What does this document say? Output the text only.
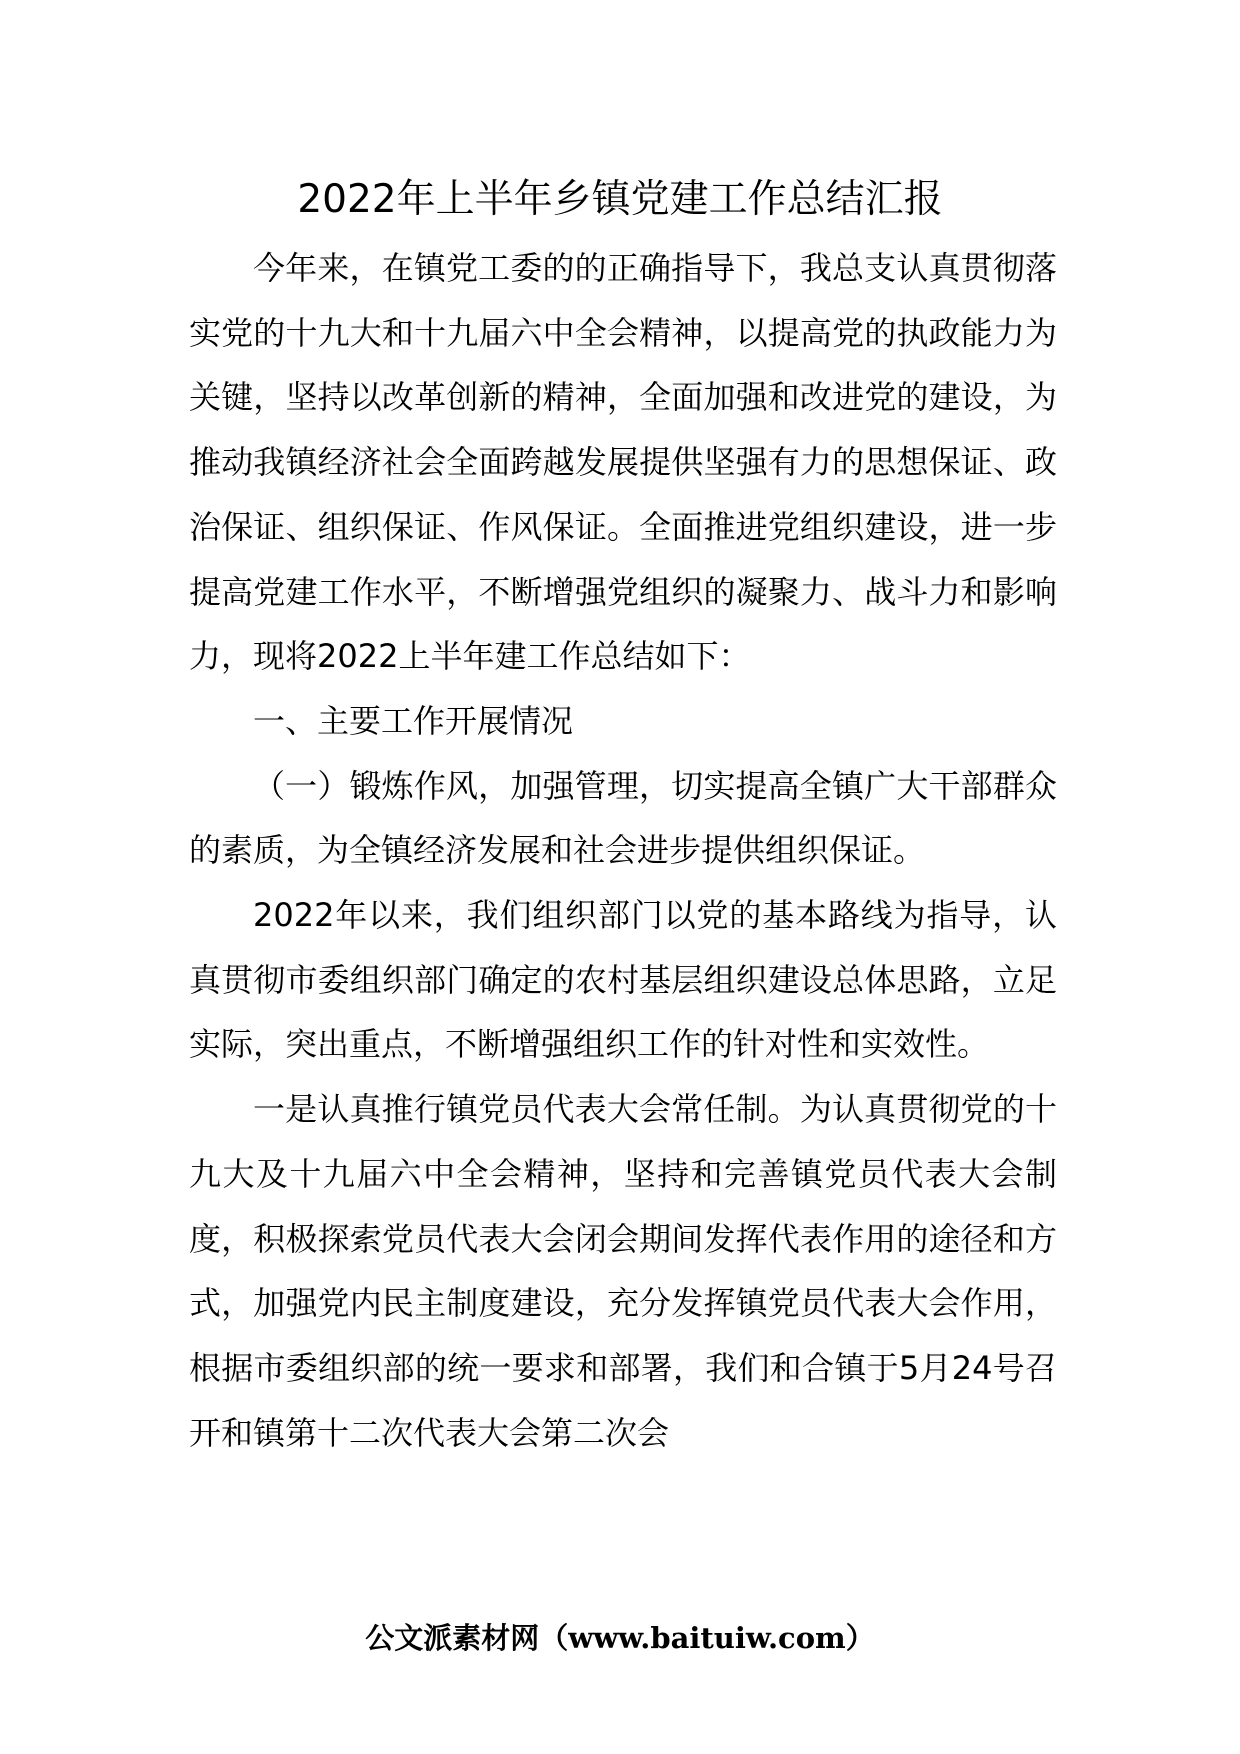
2022年上半年乡镇党建工作总结汇报

今年来，在镇党工委的的正确指导下，我总支认真贯彻落实党的十九大和十九届六中全会精神，以提高党的执政能力为关键，坚持以改革创新的精神，全面加强和改进党的建设，为推动我镇经济社会全面跨越发展提供坚强有力的思想保证、政治保证、组织保证、作风保证。全面推进党组织建设，进一步提高党建工作水平，不断增强党组织的凝聚力、战斗力和影响力，现将2022上半年建工作总结如下：

一、主要工作开展情况

（一）锻炼作风，加强管理，切实提高全镇广大干部群众的素质，为全镇经济发展和社会进步提供组织保证。

2022年以来，我们组织部门以党的基本路线为指导，认真贯彻市委组织部门确定的农村基层组织建设总体思路，立足实际，突出重点，不断增强组织工作的针对性和实效性。

一是认真推行镇党员代表大会常任制。为认真贯彻党的十九大及十九届六中全会精神，坚持和完善镇党员代表大会制度，积极探索党员代表大会闭会期间发挥代表作用的途径和方式，加强党内民主制度建设，充分发挥镇党员代表大会作用，根据市委组织部的统一要求和部署，我们和合镇于5月24号召开和镇第十二次代表大会第二次会

公文派素材网（www.baituiw.com）
